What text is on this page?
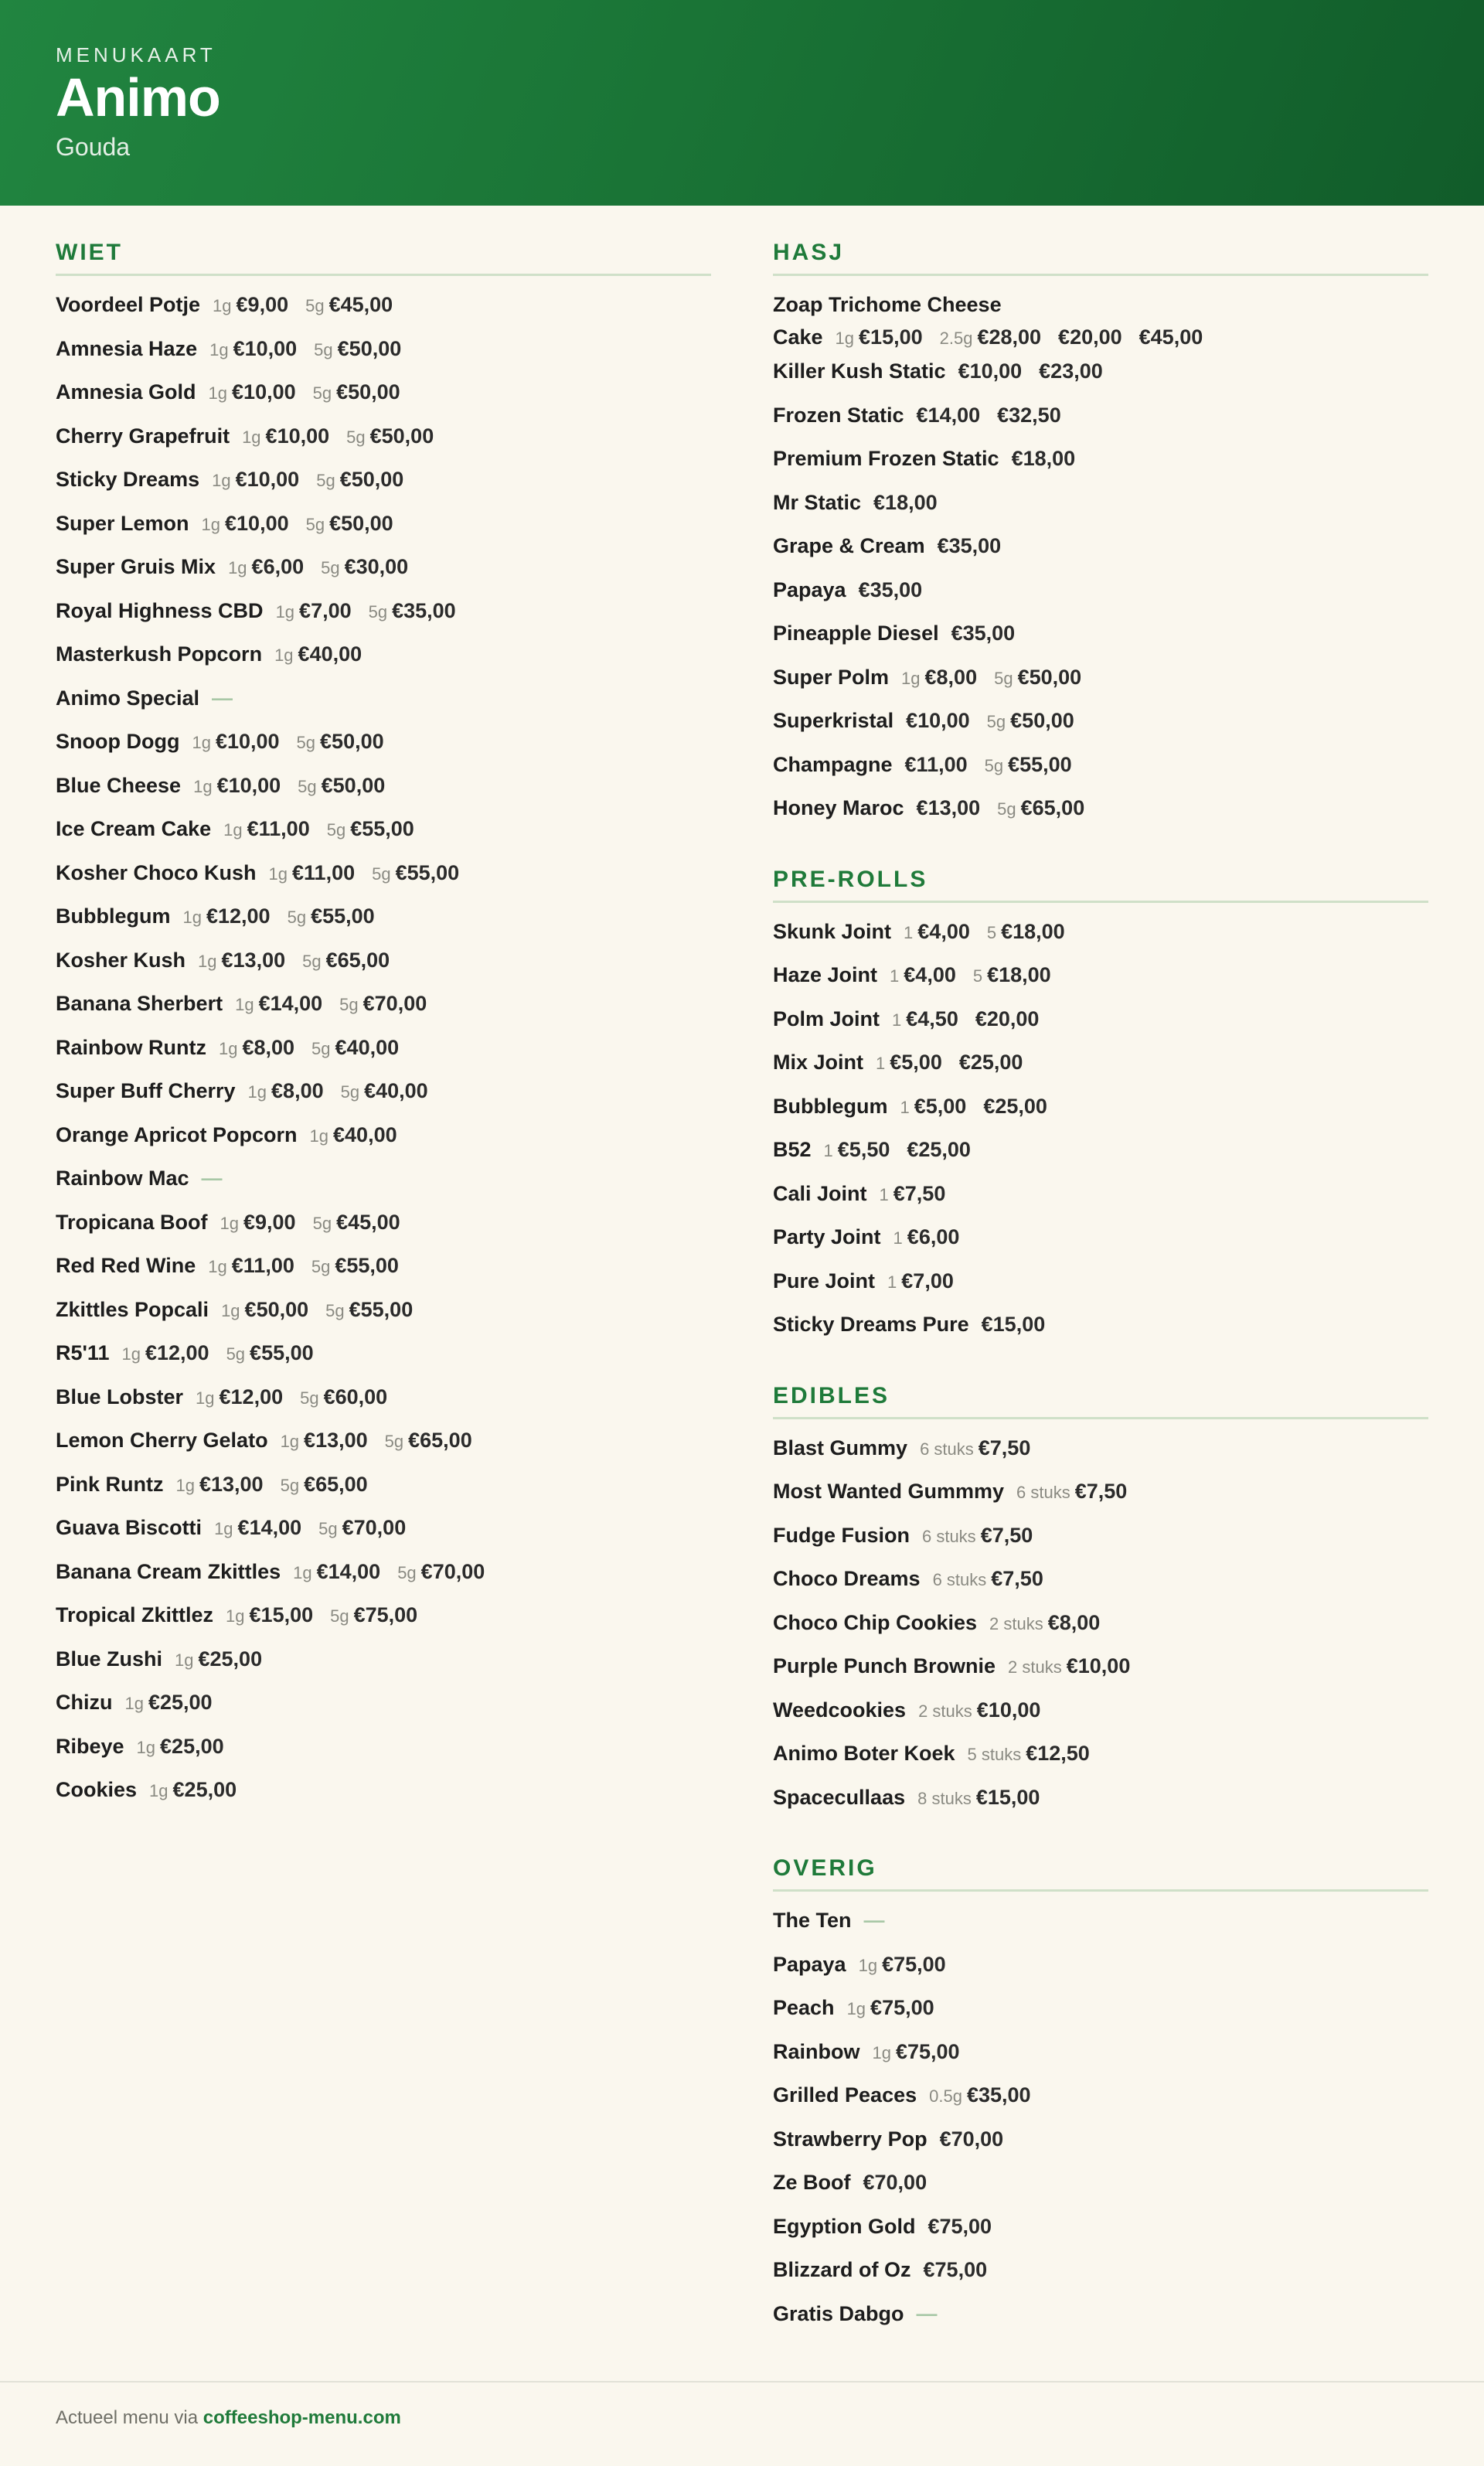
MENUKAART
Animo
Gouda
WIET
Voordeel Potje 1g €9,00 5g €45,00
Amnesia Haze 1g €10,00 5g €50,00
Amnesia Gold 1g €10,00 5g €50,00
Cherry Grapefruit 1g €10,00 5g €50,00
Sticky Dreams 1g €10,00 5g €50,00
Super Lemon 1g €10,00 5g €50,00
Super Gruis Mix 1g €6,00 5g €30,00
Royal Highness CBD 1g €7,00 5g €35,00
Masterkush Popcorn 1g €40,00
Animo Special —
Snoop Dogg 1g €10,00 5g €50,00
Blue Cheese 1g €10,00 5g €50,00
Ice Cream Cake 1g €11,00 5g €55,00
Kosher Choco Kush 1g €11,00 5g €55,00
Bubblegum 1g €12,00 5g €55,00
Kosher Kush 1g €13,00 5g €65,00
Banana Sherbert 1g €14,00 5g €70,00
Rainbow Runtz 1g €8,00 5g €40,00
Super Buff Cherry 1g €8,00 5g €40,00
Orange Apricot Popcorn 1g €40,00
Rainbow Mac —
Tropicana Boof 1g €9,00 5g €45,00
Red Red Wine 1g €11,00 5g €55,00
Zkittles Popcali 1g €50,00 5g €55,00
R5'11 1g €12,00 5g €55,00
Blue Lobster 1g €12,00 5g €60,00
Lemon Cherry Gelato 1g €13,00 5g €65,00
Pink Runtz 1g €13,00 5g €65,00
Guava Biscotti 1g €14,00 5g €70,00
Banana Cream Zkittles 1g €14,00 5g €70,00
Tropical Zkittlez 1g €15,00 5g €75,00
Blue Zushi 1g €25,00
Chizu 1g €25,00
Ribeye 1g €25,00
Cookies 1g €25,00
HASJ
Zoap Trichome Cheese Cake 1g €15,00 2.5g €28,00 €20,00 €45,00
Killer Kush Static €10,00 €23,00
Frozen Static €14,00 €32,50
Premium Frozen Static €18,00
Mr Static €18,00
Grape & Cream €35,00
Papaya €35,00
Pineapple Diesel €35,00
Super Polm 1g €8,00 5g €50,00
Superkristal €10,00 5g €50,00
Champagne €11,00 5g €55,00
Honey Maroc €13,00 5g €65,00
PRE-ROLLS
Skunk Joint 1 €4,00 5 €18,00
Haze Joint 1 €4,00 5 €18,00
Polm Joint 1 €4,50 €20,00
Mix Joint 1 €5,00 €25,00
Bubblegum 1 €5,00 €25,00
B52 1 €5,50 €25,00
Cali Joint 1 €7,50
Party Joint 1 €6,00
Pure Joint 1 €7,00
Sticky Dreams Pure €15,00
EDIBLES
Blast Gummy 6 stuks €7,50
Most Wanted Gummmy 6 stuks €7,50
Fudge Fusion 6 stuks €7,50
Choco Dreams 6 stuks €7,50
Choco Chip Cookies 2 stuks €8,00
Purple Punch Brownie 2 stuks €10,00
Weedcookies 2 stuks €10,00
Animo Boter Koek 5 stuks €12,50
Spacecullaas 8 stuks €15,00
OVERIG
The Ten —
Papaya 1g €75,00
Peach 1g €75,00
Rainbow 1g €75,00
Grilled Peaces 0.5g €35,00
Strawberry Pop €70,00
Ze Boof €70,00
Egyption Gold €75,00
Blizzard of Oz €75,00
Gratis Dabgo —
Actueel menu via coffeeshop-menu.com
